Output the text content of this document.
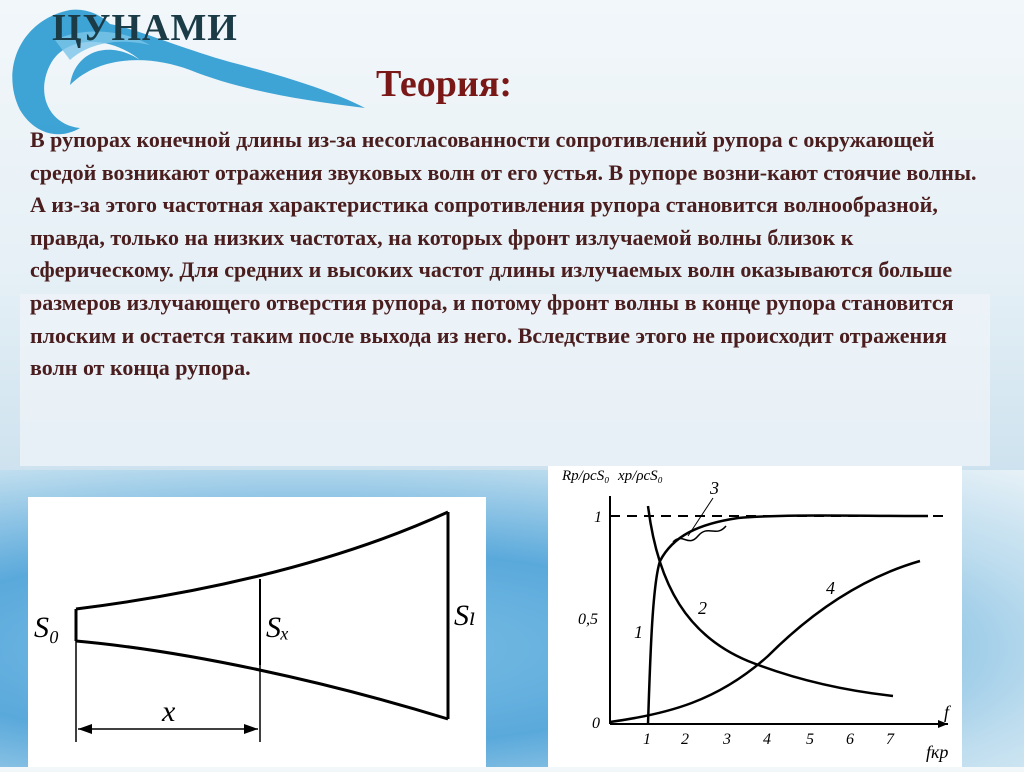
ЦУНАМИ
Теория:

В рупорах конечной длины из-за несогласованности сопротивлений рупора с окружающей средой возникают отражения звуковых волн от его устья. В рупоре возни-кают стоячие волны. А из-за этого частотная характеристика сопротивления рупора становится волнообразной, правда, только на низких частотах, на которых фронт излучаемой волны близок к сферическому. Для средних и высоких частот длины излучаемых волн оказываются больше размеров излучающего отверстия рупора, и потому фронт волны в конце рупора становится плоским и остается таким после выхода из него. Вследствие этого не происходит отражения волн от конца рупора.

S₀	Sₓ	Sₗ
x
Rp/ρcS₀ xp/ρcS₀
1
0,5
0
1 2 3 4 5 6 7
f
fкр
1
2
3
4
